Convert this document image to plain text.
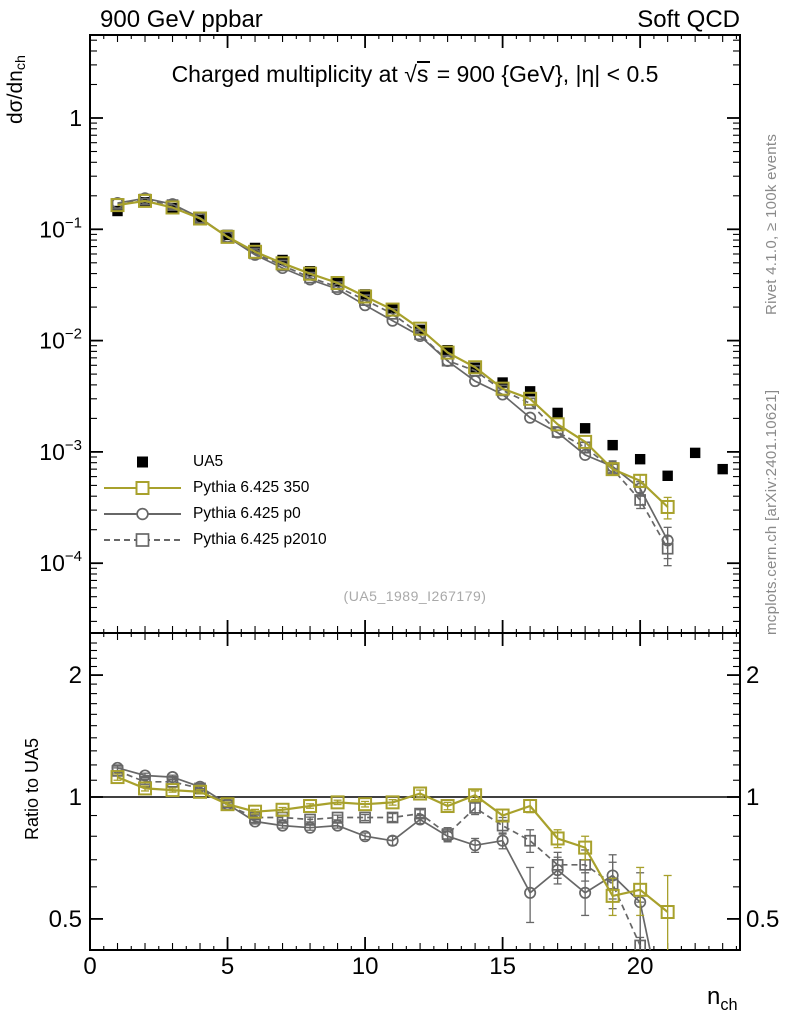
1
$10^{-1}$
$10^{-2}$
$10^{-3}$
$10^{-4}$
2	2
1	1
0.5	0.5
0	5	10	15	20
900 GeV ppbar	Soft QCD
Charged multiplicity at √s = 900 {GeV}, |η| < 0.5
$d\sigma/dn_{ch}$
Ratio to UA5
Rivet 4.1.0, ≥ 100k events
mcplots.cern.ch [arXiv:2401.10621]
(UA5_1989_I267179)
$n_{ch}$
UA5
Pythia 6.425 350
Pythia 6.425 p0
Pythia 6.425 p2010
